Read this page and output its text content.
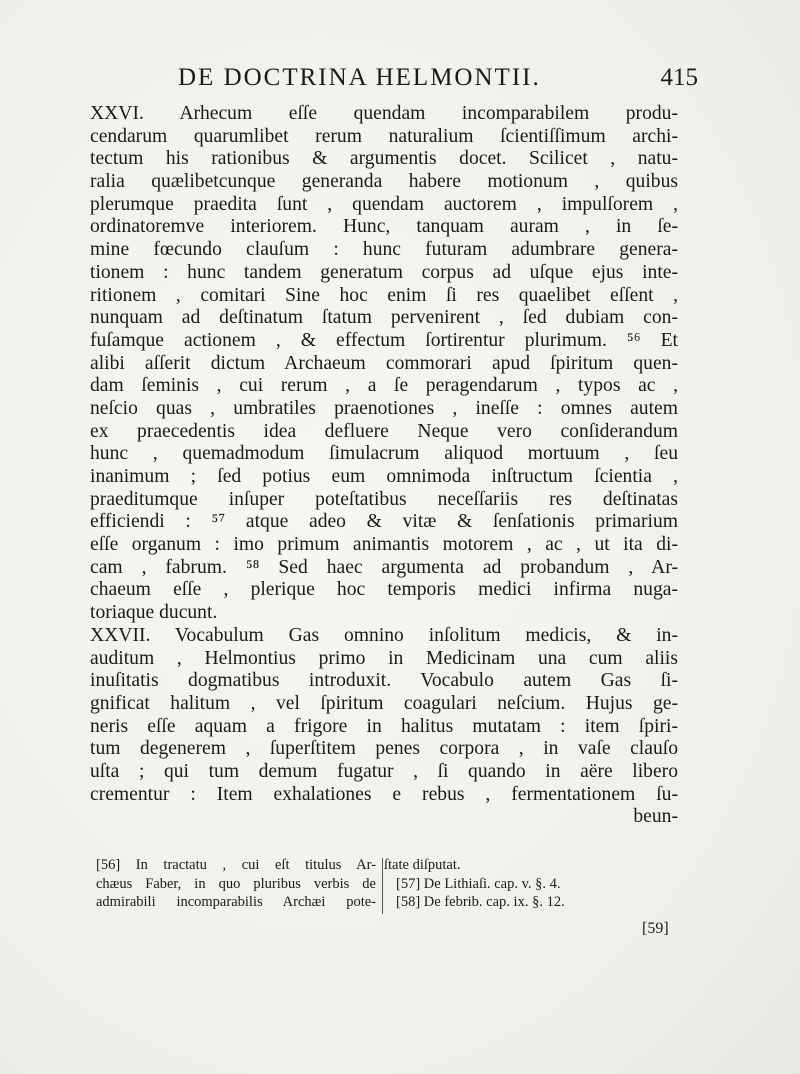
DE DOCTRINA HELMONTII.	415
XXVI. Arhecum eſſe quendam incomparabilem produ-
cendarum quarumlibet rerum naturalium ſcientiſſimum archi-
tectum his rationibus & argumentis docet. Scilicet , natu-
ralia quælibetcunque generanda habere motionum , quibus
plerumque praedita ſunt , quendam auctorem , impulſorem ,
ordinatoremve interiorem. Hunc, tanquam auram , in ſe-
mine fœcundo clauſum : hunc futuram adumbrare genera-
tionem : hunc tandem generatum corpus ad uſque ejus inte-
ritionem , comitari Sine hoc enim ſi res quaelibet eſſent ,
nunquam ad deſtinatum ſtatum pervenirent , ſed dubiam con-
fuſamque actionem , & effectum ſortirentur plurimum. ⁵⁶ Et
alibi aſſerit dictum Archaeum commorari apud ſpiritum quen-
dam ſeminis , cui rerum , a ſe peragendarum , typos ac ,
neſcio quas , umbratiles praenotiones , ineſſe : omnes autem
ex praecedentis idea defluere Neque vero conſiderandum
hunc , quemadmodum ſimulacrum aliquod mortuum , ſeu
inanimum ; ſed potius eum omnimoda inſtructum ſcientia ,
praeditumque inſuper poteſtatibus neceſſariis res deſtinatas
efficiendi : ⁵⁷ atque adeo & vitæ & ſenſationis primarium
eſſe organum : imo primum animantis motorem , ac , ut ita di-
cam , fabrum. ⁵⁸ Sed haec argumenta ad probandum , Ar-
chaeum eſſe , plerique hoc temporis medici infirma nuga-
toriaque ducunt.
XXVII. Vocabulum Gas omnino inſolitum medicis, & in-
auditum , Helmontius primo in Medicinam una cum aliis
inuſitatis dogmatibus introduxit. Vocabulo autem Gas ſi-
gnificat halitum , vel ſpiritum coagulari neſcium. Hujus ge-
neris eſſe aquam a frigore in halitus mutatam : item ſpiri-
tum degenerem , ſuperſtitem penes corpora , in vaſe clauſo
uſta ; qui tum demum fugatur , ſi quando in aëre libero
crementur : Item exhalationes e rebus , fermentationem ſu-
beun-
[56] In tractatu , cui eſt titulus Ar-
chæus Faber, in quo pluribus verbis de
admirabili incomparabilis Archæi pote-
ſtate diſputat.
[57] De Lithiaſi. cap. v. §. 4.
[58] De febrib. cap. ix. §. 12.
[59]
